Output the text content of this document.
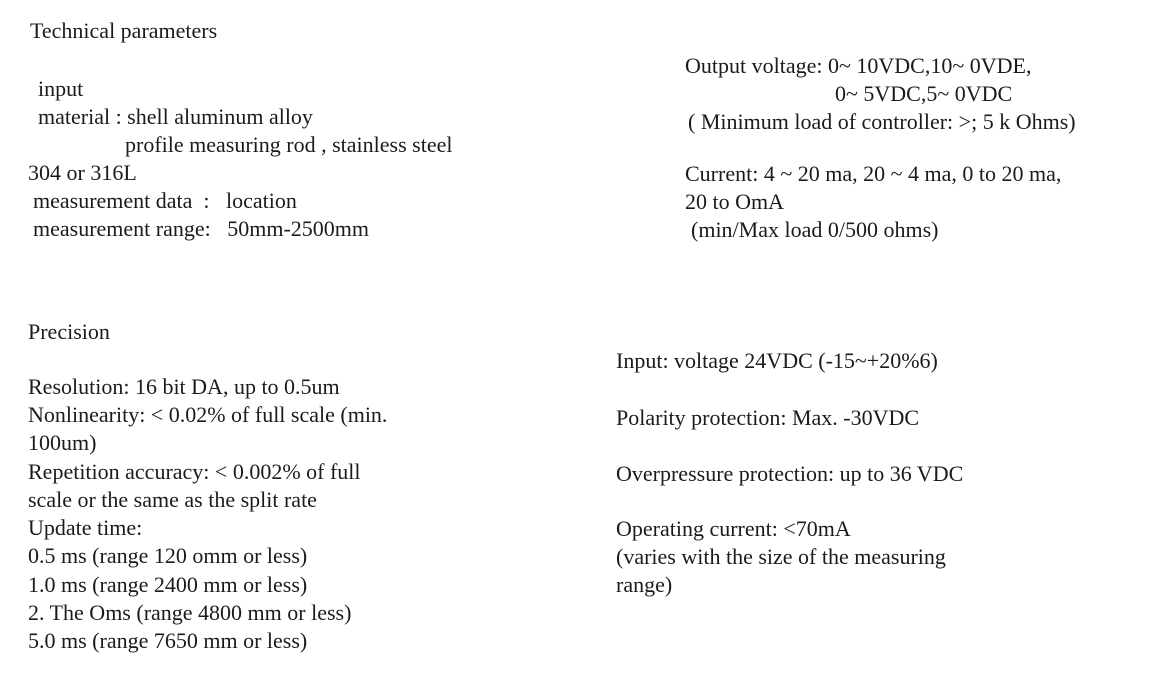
Technical parameters
input
material : shell aluminum alloy
profile measuring rod , stainless steel
304 or 316L
measurement data  :   location
measurement range:   50mm-2500mm
Output voltage: 0~ 10VDC,10~ 0VDE,
0~ 5VDC,5~ 0VDC
( Minimum load of controller: >; 5 k Ohms)
Current: 4 ~ 20 ma, 20 ~ 4 ma, 0 to 20 ma,
20 to OmA
(min/Max load 0/500 ohms)
Precision
Resolution: 16 bit DA, up to 0.5um
Nonlinearity: < 0.02% of full scale (min.
100um)
Repetition accuracy: < 0.002% of full
scale or the same as the split rate
Update time:
0.5 ms (range 120 omm or less)
1.0 ms (range 2400 mm or less)
2. The Oms (range 4800 mm or less)
5.0 ms (range 7650 mm or less)
Input: voltage 24VDC (-15~+20%6)
Polarity protection: Max. -30VDC
Overpressure protection: up to 36 VDC
Operating current: <70mA
(varies with the size of the measuring
range)
